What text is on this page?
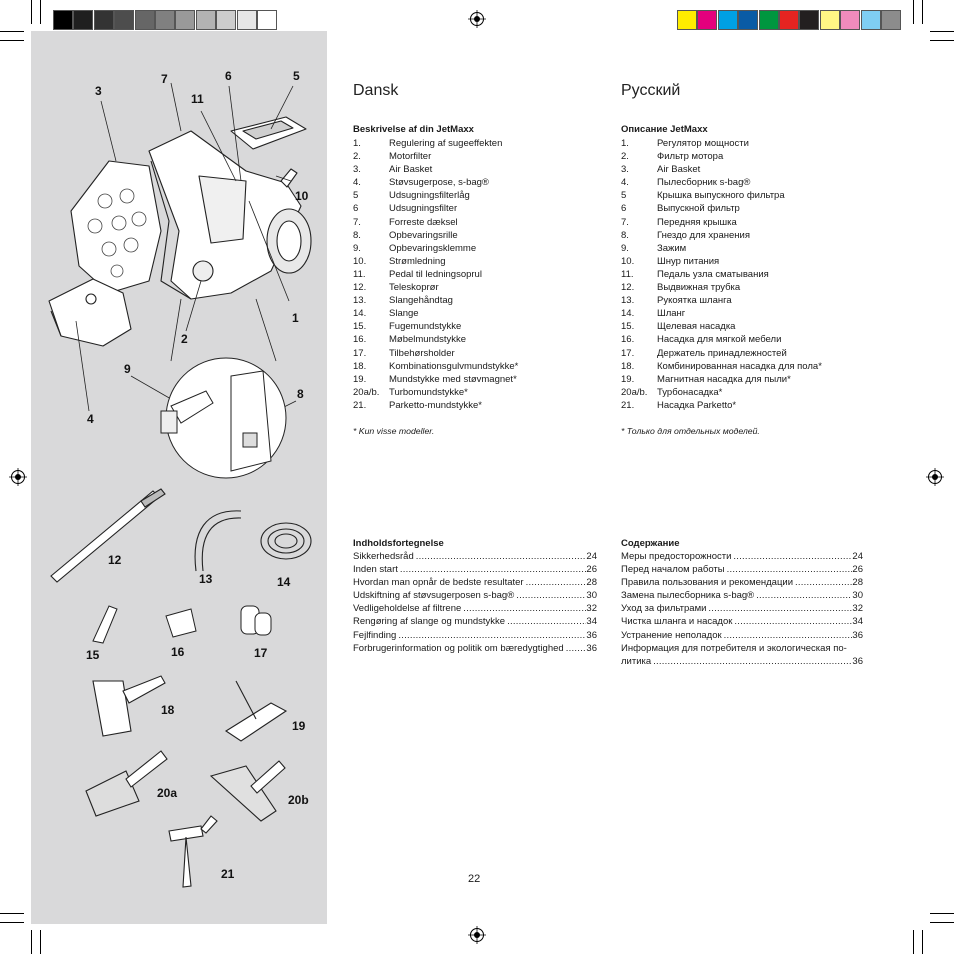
1
2
3
4
5
6
7
8
9
10
11
12
13	14
15	16	17
18
19
20a	20b
21
Dansk
Beskrivelse af din JetMaxx
1.	Regulering af sugeeffekten
2.	Motorfilter
3.	Air Basket
4.	Støvsugerpose, s-bag®
5	Udsugningsfilterlåg
6	Udsugningsfilter
7.	Forreste dæksel
8.	Opbevaringsrille
9.	Opbevaringsklemme
10.	Strømledning
11.	Pedal til ledningsoprul
12.	Teleskoprør
13.	Slangehåndtag
14.	Slange
15.	Fugemundstykke
16.	Møbelmundstykke
17.	Tilbehørsholder
18.	Kombinationsgulvmundstykke*
19.	Mundstykke med støvmagnet*
20a/b.	Turbomundstykke*
21.	Parketto-mundstykke*
* Kun visse modeller.
Indholdsfortegnelse
Sikkerhedsråd . . .	24
Inden start . . .	26
Hvordan man opnår de bedste resultater . . .	28
Udskiftning af støvsugerposen s-bag® . . .	30
Vedligeholdelse af filtrene . . .	32
Rengøring af slange og mundstykke . . .	34
Fejlfinding . . .	36
Forbrugerinformation og politik om bæredygtighed . . . 36
Русский
Описание JetMaxx
1.	Регулятор мощности
2.	Фильтр мотора
3.	Air Basket
4.	Пылесборник s-bag®
5	Крышка выпускного фильтра
6	Выпускной фильтр
7.	Передняя крышка
8.	Гнездо для хранения
9.	Зажим
10.	Шнур питания
11.	Педаль узла сматывания
12.	Выдвижная трубка
13.	Рукоятка шланга
14.	Шланг
15.	Щелевая насадка
16.	Насадка для мягкой мебели
17.	Держатель принадлежностей
18.	Комбинированная насадка для пола*
19.	Магнитная насадка для пыли*
20a/b.	Турбонасадка*
21.	Насадка Parketto*
* Только для отдельных моделей.
Содержание
Меры предосторожности . . .	24
Перед началом работы . . .	26
Правила пользования и рекомендации . . .	28
Замена пылесборника s-bag® . . .	30
Уход за фильтрами . . .	32
Чистка шланга и насадок . . .	34
Устранение неполадок . . .	36
Информация для потребителя и экологическая по-
литика . . .	36
22
